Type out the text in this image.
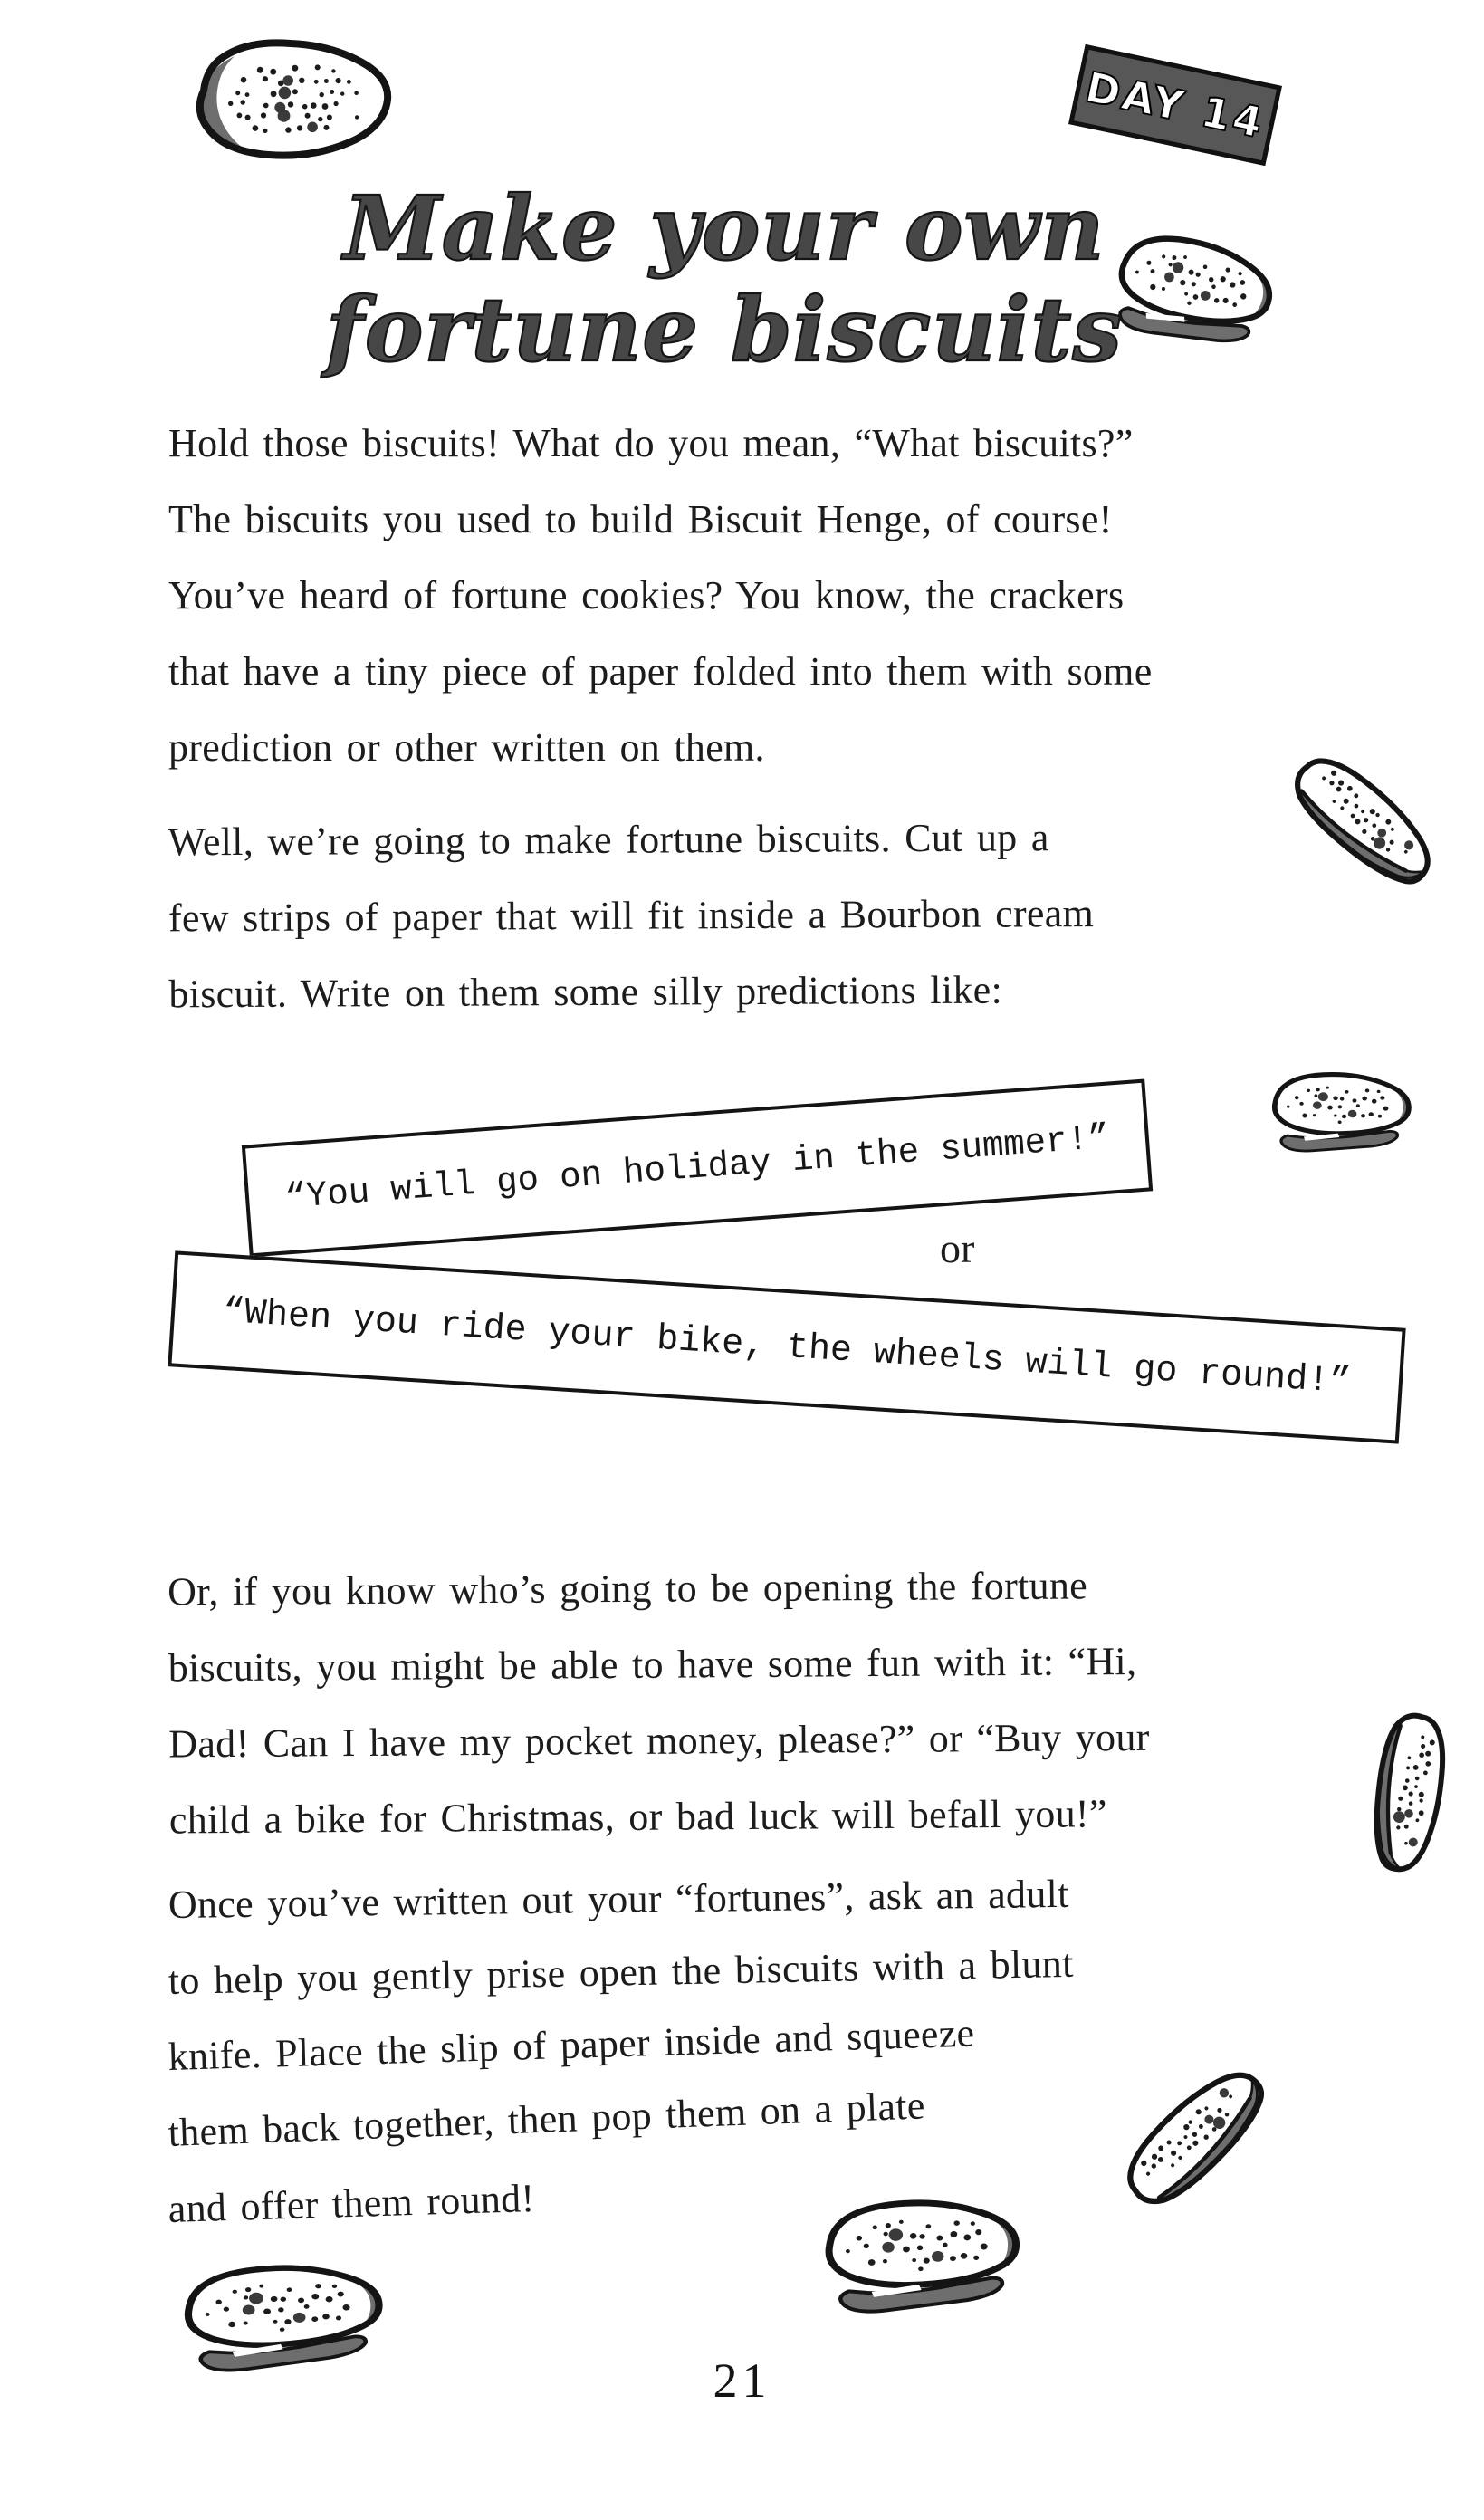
DAY 14
Make your own
fortune biscuits
Hold those biscuits! What do you mean, “What biscuits?”
The biscuits you used to build Biscuit Henge, of course!
You’ve heard of fortune cookies? You know, the crackers
that have a tiny piece of paper folded into them with some
prediction or other written on them.
Well, we’re going to make fortune biscuits. Cut up a
few strips of paper that will fit inside a Bourbon cream
biscuit. Write on them some silly predictions like:
“You will go on holiday in the summer!”
or
“When you ride your bike, the wheels will go round!”
Or, if you know who’s going to be opening the fortune
biscuits, you might be able to have some fun with it: “Hi,
Dad! Can I have my pocket money, please?” or “Buy your
child a bike for Christmas, or bad luck will befall you!”
Once you’ve written out your “fortunes”, ask an adult
to help you gently prise open the biscuits with a blunt
knife. Place the slip of paper inside and squeeze
them back together, then pop them on a plate
and offer them round!
21
